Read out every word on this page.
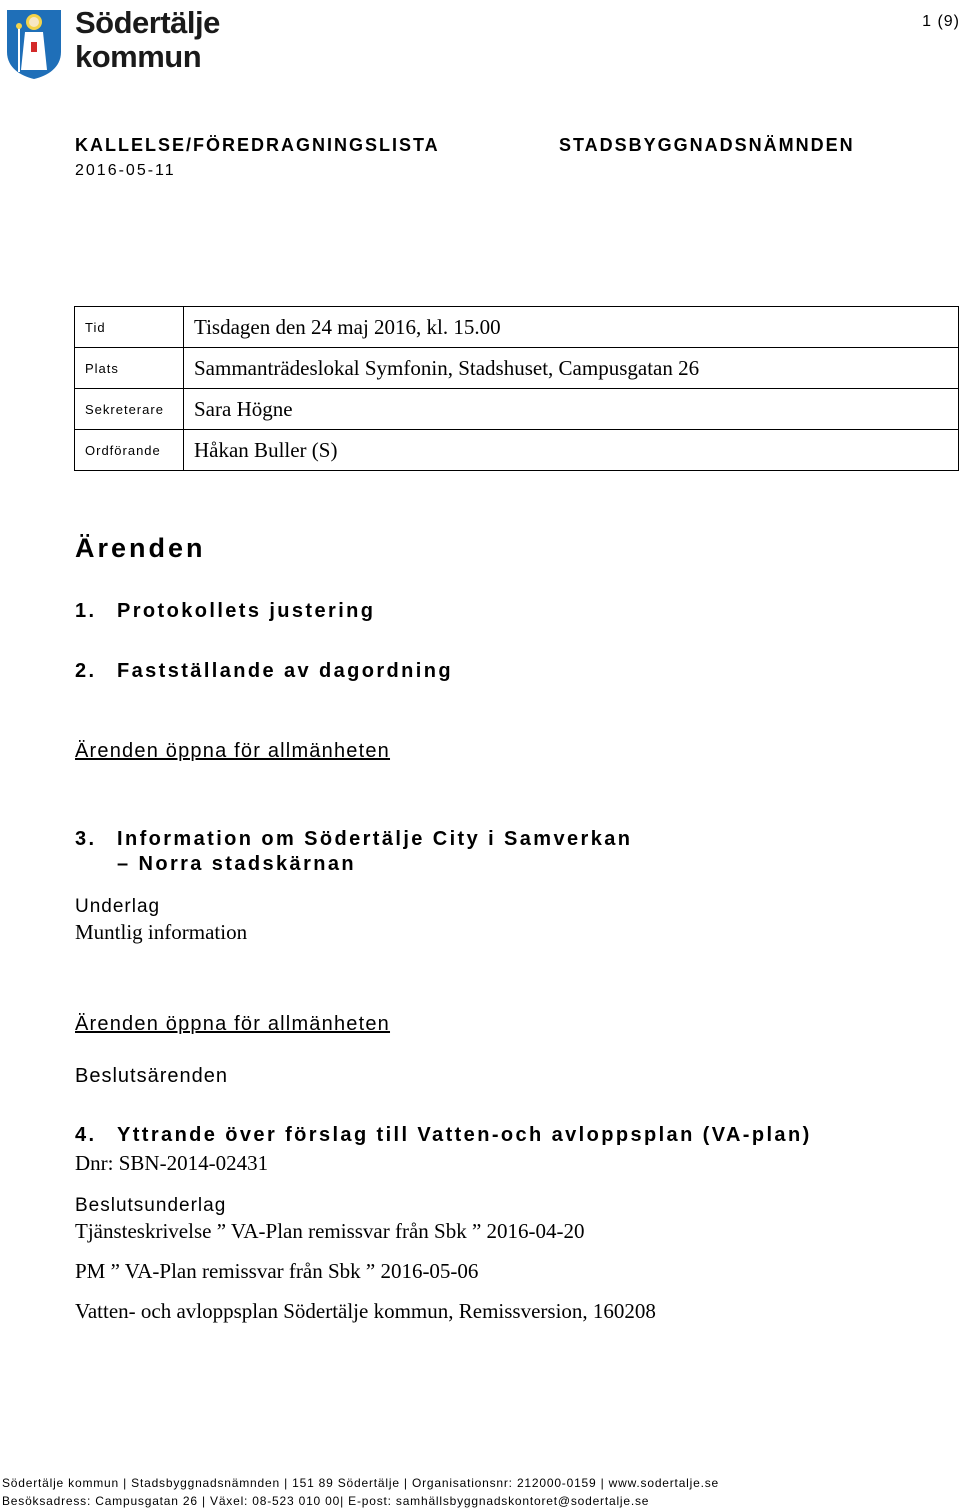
Södertälje
kommun
1 (9)
KALLELSE/FÖREDRAGNINGSLISTA
2016-05-11
STADSBYGGNADSNÄMNDEN
Tid	Tisdagen den 24 maj 2016, kl. 15.00
Plats	Sammanträdeslokal Symfonin, Stadshuset, Campusgatan 26
Sekreterare	Sara Högne
Ordförande	Håkan Buller (S)
Ärenden
1. Protokollets justering
2. Fastställande av dagordning
Ärenden öppna för allmänheten
3. Information om Södertälje City i Samverkan
– Norra stadskärnan
Underlag
Muntlig information
Ärenden öppna för allmänheten
Beslutsärenden
4. Yttrande över förslag till Vatten-och avloppsplan (VA-plan)
Dnr: SBN-2014-02431
Beslutsunderlag
Tjänsteskrivelse ” VA-Plan remissvar från Sbk ” 2016-04-20
PM ” VA-Plan remissvar från Sbk ” 2016-05-06
Vatten- och avloppsplan Södertälje kommun, Remissversion, 160208
Södertälje kommun | Stadsbyggnadsnämnden | 151 89 Södertälje | Organisationsnr: 212000-0159 | www.sodertalje.se
Besöksadress: Campusgatan 26 | Växel: 08-523 010 00| E-post: samhällsbyggnadskontoret@sodertalje.se
